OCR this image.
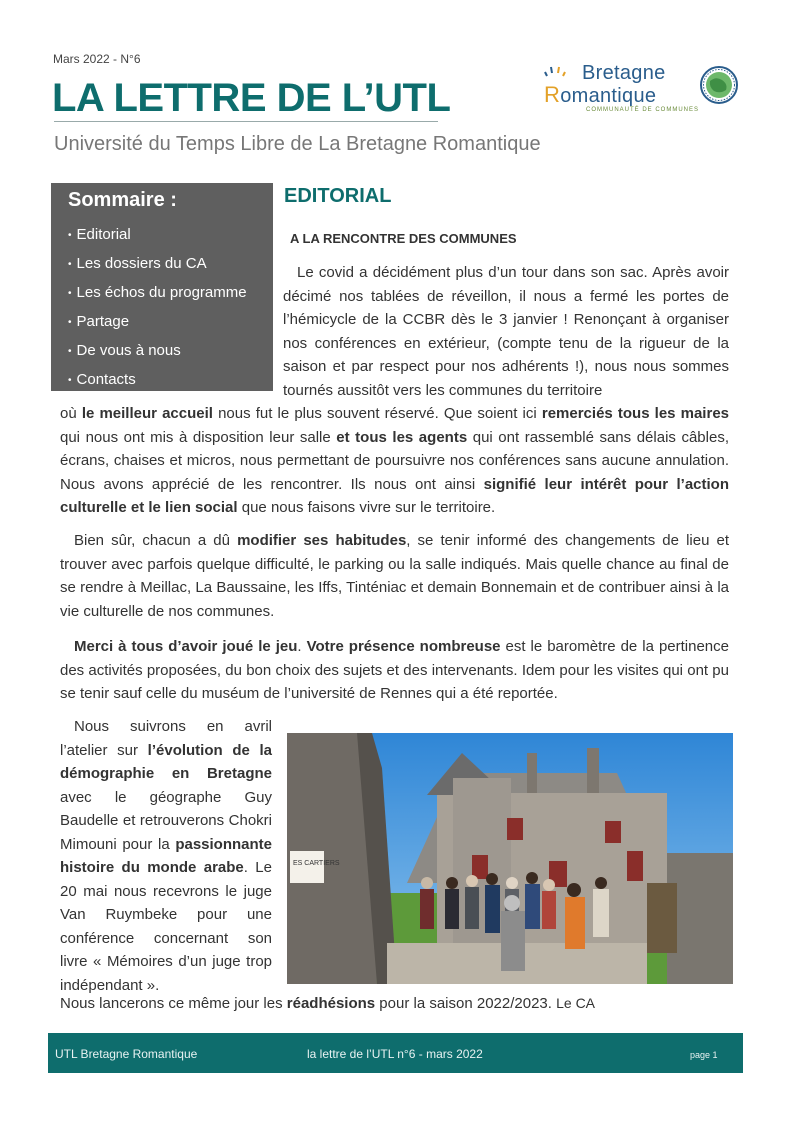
Mars 2022 - N°6
LA LETTRE DE L’UTL
Université du Temps Libre de La Bretagne Romantique
Bretagne
Romantique
COMMUNAUTÉ DE COMMUNES
Sommaire :
• Editorial
• Les dossiers du CA
• Les échos du programme
• Partage
• De vous à nous
• Contacts
EDITORIAL
A LA RENCONTRE DES COMMUNES

Le covid a décidément plus d’un tour dans son sac. Après avoir décimé nos tablées de réveillon, il nous a fermé les portes de l’hémicycle de la CCBR dès le 3 janvier ! Renonçant à organiser nos conférences en extérieur, (compte tenu de la rigueur de la saison et par respect pour nos adhérents !), nous nous sommes tournés aussitôt vers les communes du territoire

où le meilleur accueil nous fut le plus souvent réservé. Que soient ici remerciés tous les maires qui nous ont mis à disposition leur salle et tous les agents qui ont rassemblé sans délais câbles, écrans, chaises et micros, nous permettant de poursuivre nos conférences sans aucune annulation. Nous avons apprécié de les rencontrer. Ils nous ont ainsi signifié leur intérêt pour l’action culturelle et le lien social que nous faisons vivre sur le territoire.

Bien sûr, chacun a dû modifier ses habitudes, se tenir informé des changements de lieu et trouver avec parfois quelque difficulté, le parking ou la salle indiqués. Mais quelle chance au final de se rendre à Meillac, La Baussaine, les Iffs, Tinténiac et demain Bonnemain et de contribuer ainsi à la vie culturelle de nos communes.

Merci à tous d’avoir joué le jeu. Votre présence nombreuse est le baromètre de la pertinence des activités proposées, du bon choix des sujets et des intervenants. Idem pour les visites qui ont pu se tenir sauf celle du muséum de l’université de Rennes qui a été reportée.

Nous suivrons en avril l’atelier sur l’évolution de la démographie en Bretagne avec le géographe Guy Baudelle et retrouverons Chokri Mimouni pour la passionnante histoire du monde arabe. Le 20 mai nous recevrons le juge Van Ruymbeke pour une conférence concernant son livre « Mémoires d’un juge trop indépendant ».

Nous lancerons ce même jour les réadhésions pour la saison 2022/2023. Le CA

ES CARTIERS
UTL Bretagne Romantique	la lettre de l’UTL n°6 - mars 2022	page 1
